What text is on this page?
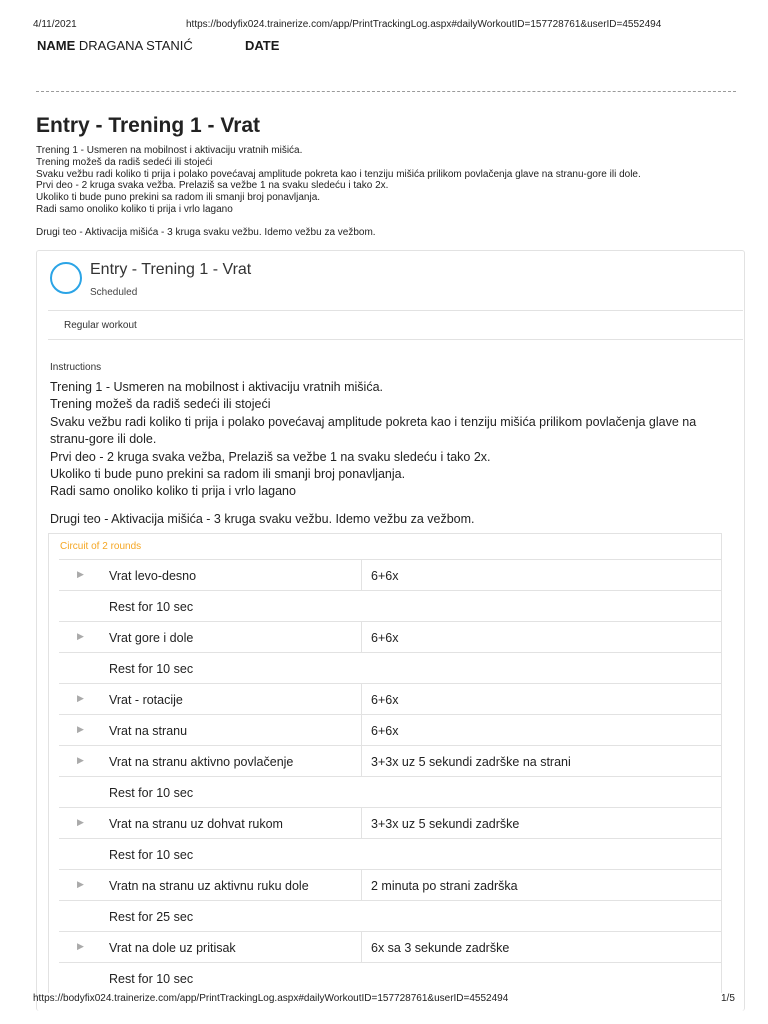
4/11/2021	https://bodyfix024.trainerize.com/app/PrintTrackingLog.aspx#dailyWorkoutID=157728761&userID=4552494
NAME DRAGANA STANIĆ	DATE
Entry - Trening 1 - Vrat
Trening 1 - Usmeren na mobilnost i aktivaciju vratnih mišića.
Trening možeš da radiš sedeći ili stojeći
Svaku vežbu radi koliko ti prija i polako povećavaj amplitude pokreta kao i tenziju mišića prilikom povlačenja glave na stranu-gore ili dole.
Prvi deo - 2 kruga svaka vežba. Prelaziš sa vežbe 1 na svaku sledeću i tako 2x.
Ukoliko ti bude puno prekini sa radom ili smanji broj ponavljanja.
Radi samo onoliko koliko ti prija i vrlo lagano
Drugi teo - Aktivacija mišića - 3 kruga svaku vežbu. Idemo vežbu za vežbom.
Entry - Trening 1 - Vrat
Scheduled
Regular workout
Instructions
Trening 1 - Usmeren na mobilnost i aktivaciju vratnih mišića.
Trening možeš da radiš sedeći ili stojeći
Svaku vežbu radi koliko ti prija i polako povećavaj amplitude pokreta kao i tenziju mišića prilikom povlačenja glave na
stranu-gore ili dole.
Prvi deo - 2 kruga svaka vežba, Prelaziš sa vežbe 1 na svaku sledeću i tako 2x.
Ukoliko ti bude puno prekini sa radom ili smanji broj ponavljanja.
Radi samo onoliko koliko ti prija i vrlo lagano
Drugi teo - Aktivacija mišića - 3 kruga svaku vežbu. Idemo vežbu za vežbom.
Circuit of 2 rounds
▶ Vrat levo-desno	6+6x
Rest for 10 sec
▶ Vrat gore i dole	6+6x
Rest for 10 sec
▶ Vrat - rotacije	6+6x
▶ Vrat na stranu	6+6x
▶ Vrat na stranu aktivno povlačenje	3+3x uz 5 sekundi zadrške na strani
Rest for 10 sec
▶ Vrat na stranu uz dohvat rukom	3+3x uz 5 sekundi zadrške
Rest for 10 sec
▶ Vratn na stranu uz aktivnu ruku dole	2 minuta po strani zadrška
Rest for 25 sec
▶ Vrat na dole uz pritisak	6x sa 3 sekunde zadrške
Rest for 10 sec
https://bodyfix024.trainerize.com/app/PrintTrackingLog.aspx#dailyWorkoutID=157728761&userID=4552494	1/5
